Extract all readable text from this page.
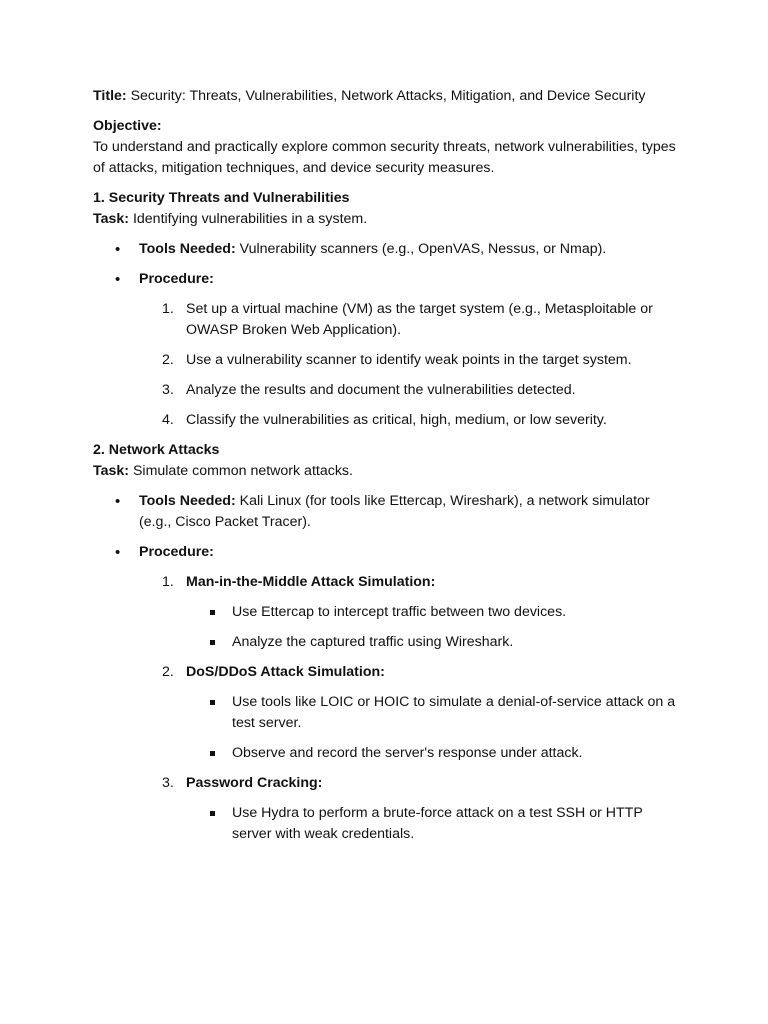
Title: Security: Threats, Vulnerabilities, Network Attacks, Mitigation, and Device Security

Objective:

To understand and practically explore common security threats, network vulnerabilities, types of attacks, mitigation techniques, and device security measures.

1. Security Threats and Vulnerabilities

Task: Identifying vulnerabilities in a system.

• Tools Needed: Vulnerability scanners (e.g., OpenVAS, Nessus, or Nmap).
• Procedure:
1. Set up a virtual machine (VM) as the target system (e.g., Metasploitable or OWASP Broken Web Application).
2. Use a vulnerability scanner to identify weak points in the target system.
3. Analyze the results and document the vulnerabilities detected.
4. Classify the vulnerabilities as critical, high, medium, or low severity.

2. Network Attacks

Task: Simulate common network attacks.

• Tools Needed: Kali Linux (for tools like Ettercap, Wireshark), a network simulator (e.g., Cisco Packet Tracer).
• Procedure:
1. Man-in-the-Middle Attack Simulation:
Use Ettercap to intercept traffic between two devices.
Analyze the captured traffic using Wireshark.
2. DoS/DDoS Attack Simulation:
Use tools like LOIC or HOIC to simulate a denial-of-service attack on a test server.
Observe and record the server's response under attack.
3. Password Cracking:
Use Hydra to perform a brute-force attack on a test SSH or HTTP server with weak credentials.
